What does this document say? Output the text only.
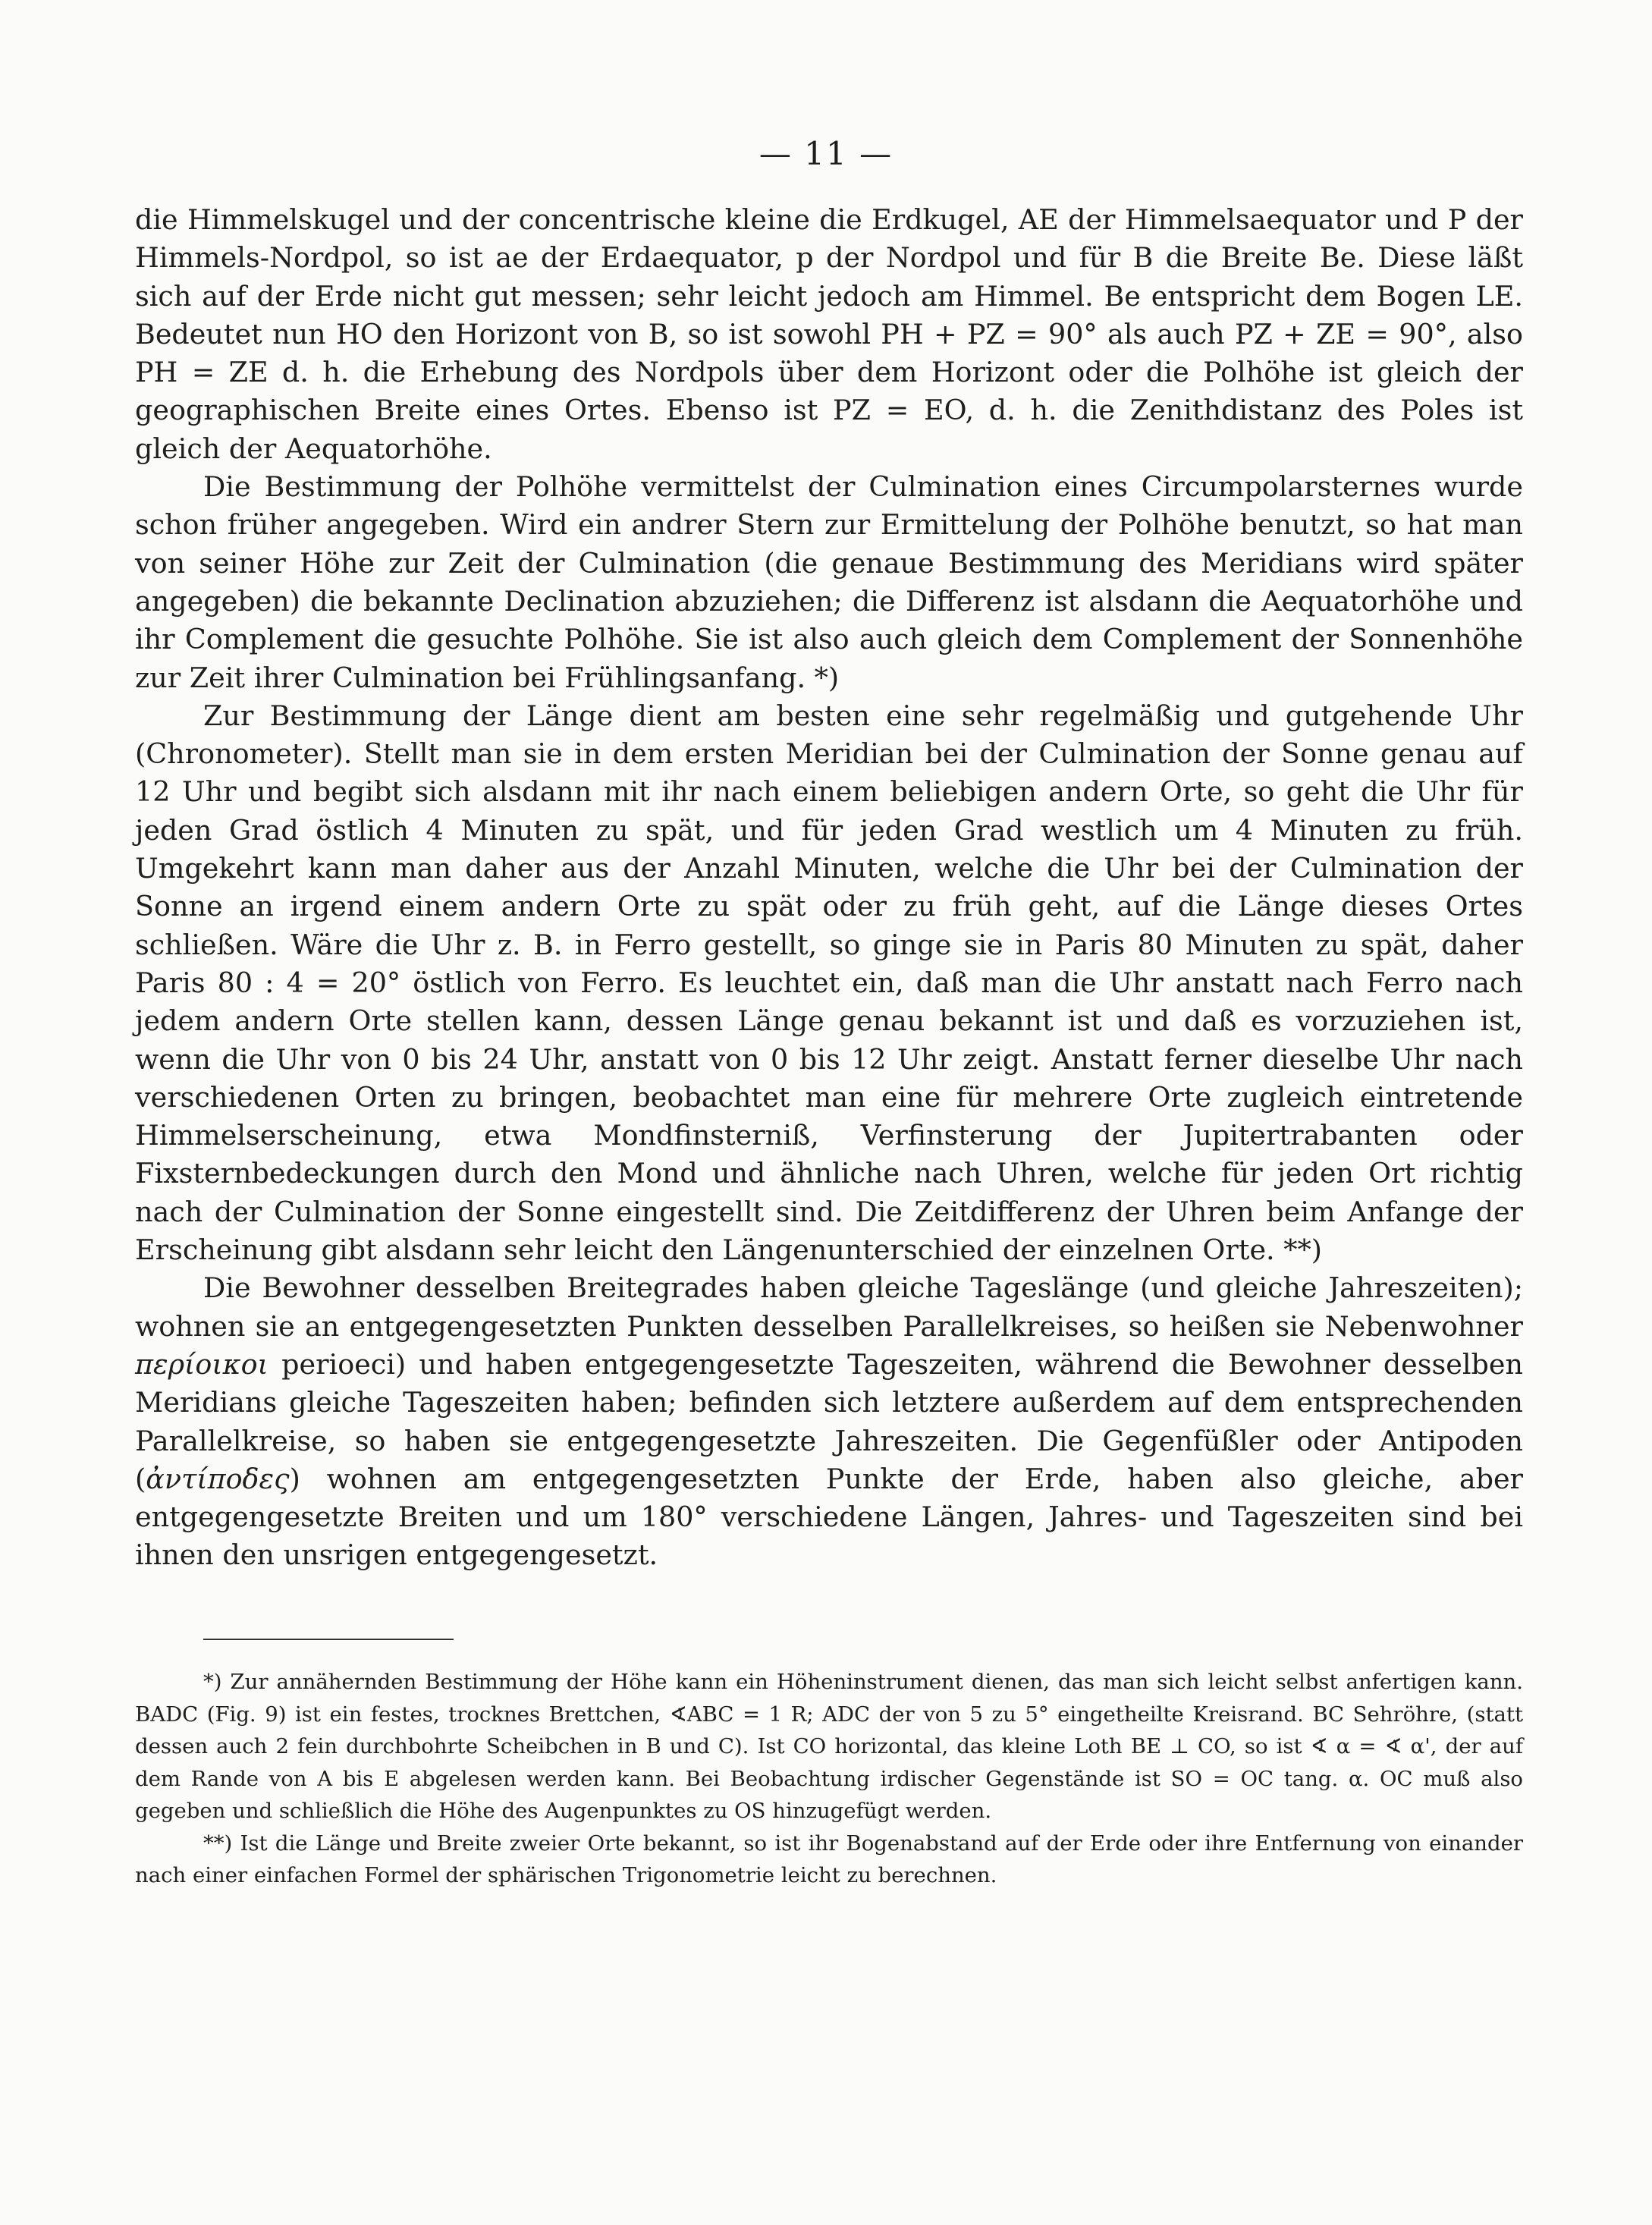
— 11 —

die Himmelskugel und der concentrische kleine die Erdkugel, AE der Himmelsaequator und P der Himmels-Nordpol, so ist ae der Erdaequator, p der Nordpol und für B die Breite Be. Diese läßt sich auf der Erde nicht gut messen; sehr leicht jedoch am Himmel. Be entspricht dem Bogen LE. Bedeutet nun HO den Horizont von B, so ist sowohl PH + PZ = 90° als auch PZ + ZE = 90°, also PH = ZE d. h. die Erhebung des Nordpols über dem Horizont oder die Polhöhe ist gleich der geographischen Breite eines Ortes. Ebenso ist PZ = EO, d. h. die Zenithdistanz des Poles ist gleich der Aequatorhöhe.

Die Bestimmung der Polhöhe vermittelst der Culmination eines Circumpolarsternes wurde schon früher angegeben. Wird ein andrer Stern zur Ermittelung der Polhöhe benutzt, so hat man von seiner Höhe zur Zeit der Culmination (die genaue Bestimmung des Meridians wird später angegeben) die bekannte Declination abzuziehen; die Differenz ist alsdann die Aequatorhöhe und ihr Complement die gesuchte Polhöhe. Sie ist also auch gleich dem Complement der Sonnenhöhe zur Zeit ihrer Culmination bei Frühlingsanfang. *)

Zur Bestimmung der Länge dient am besten eine sehr regelmäßig und gutgehende Uhr (Chronometer). Stellt man sie in dem ersten Meridian bei der Culmination der Sonne genau auf 12 Uhr und begibt sich alsdann mit ihr nach einem beliebigen andern Orte, so geht die Uhr für jeden Grad östlich 4 Minuten zu spät, und für jeden Grad westlich um 4 Minuten zu früh. Umgekehrt kann man daher aus der Anzahl Minuten, welche die Uhr bei der Culmination der Sonne an irgend einem andern Orte zu spät oder zu früh geht, auf die Länge dieses Ortes schließen. Wäre die Uhr z. B. in Ferro gestellt, so ginge sie in Paris 80 Minuten zu spät, daher Paris 80 : 4 = 20° östlich von Ferro. Es leuchtet ein, daß man die Uhr anstatt nach Ferro nach jedem andern Orte stellen kann, dessen Länge genau bekannt ist und daß es vorzuziehen ist, wenn die Uhr von 0 bis 24 Uhr, anstatt von 0 bis 12 Uhr zeigt. Anstatt ferner dieselbe Uhr nach verschiedenen Orten zu bringen, beobachtet man eine für mehrere Orte zugleich eintretende Himmelserscheinung, etwa Mondfinsterniß, Verfinsterung der Jupitertrabanten oder Fixsternbedeckungen durch den Mond und ähnliche nach Uhren, welche für jeden Ort richtig nach der Culmination der Sonne eingestellt sind. Die Zeitdifferenz der Uhren beim Anfange der Erscheinung gibt alsdann sehr leicht den Längenunterschied der einzelnen Orte. **)

Die Bewohner desselben Breitegrades haben gleiche Tageslänge (und gleiche Jahreszeiten); wohnen sie an entgegengesetzten Punkten desselben Parallelkreises, so heißen sie Nebenwohner περίοικοι perioeci) und haben entgegengesetzte Tageszeiten, während die Bewohner desselben Meridians gleiche Tageszeiten haben; befinden sich letztere außerdem auf dem entsprechenden Parallelkreise, so haben sie entgegengesetzte Jahreszeiten. Die Gegenfüßler oder Antipoden (ἀντίποδες) wohnen am entgegengesetzten Punkte der Erde, haben also gleiche, aber entgegengesetzte Breiten und um 180° verschiedene Längen, Jahres- und Tageszeiten sind bei ihnen den unsrigen entgegengesetzt.

*) Zur annähernden Bestimmung der Höhe kann ein Höheninstrument dienen, das man sich leicht selbst anfertigen kann. BADC (Fig. 9) ist ein festes, trocknes Brettchen, ∢ABC = 1 R; ADC der von 5 zu 5° eingetheilte Kreisrand. BC Sehröhre, (statt dessen auch 2 fein durchbohrte Scheibchen in B und C). Ist CO horizontal, das kleine Loth BE ⊥ CO, so ist ∢ α = ∢ α', der auf dem Rande von A bis E abgelesen werden kann. Bei Beobachtung irdischer Gegenstände ist SO = OC tang. α. OC muß also gegeben und schließlich die Höhe des Augenpunktes zu OS hinzugefügt werden.

**) Ist die Länge und Breite zweier Orte bekannt, so ist ihr Bogenabstand auf der Erde oder ihre Entfernung von einander nach einer einfachen Formel der sphärischen Trigonometrie leicht zu berechnen.
